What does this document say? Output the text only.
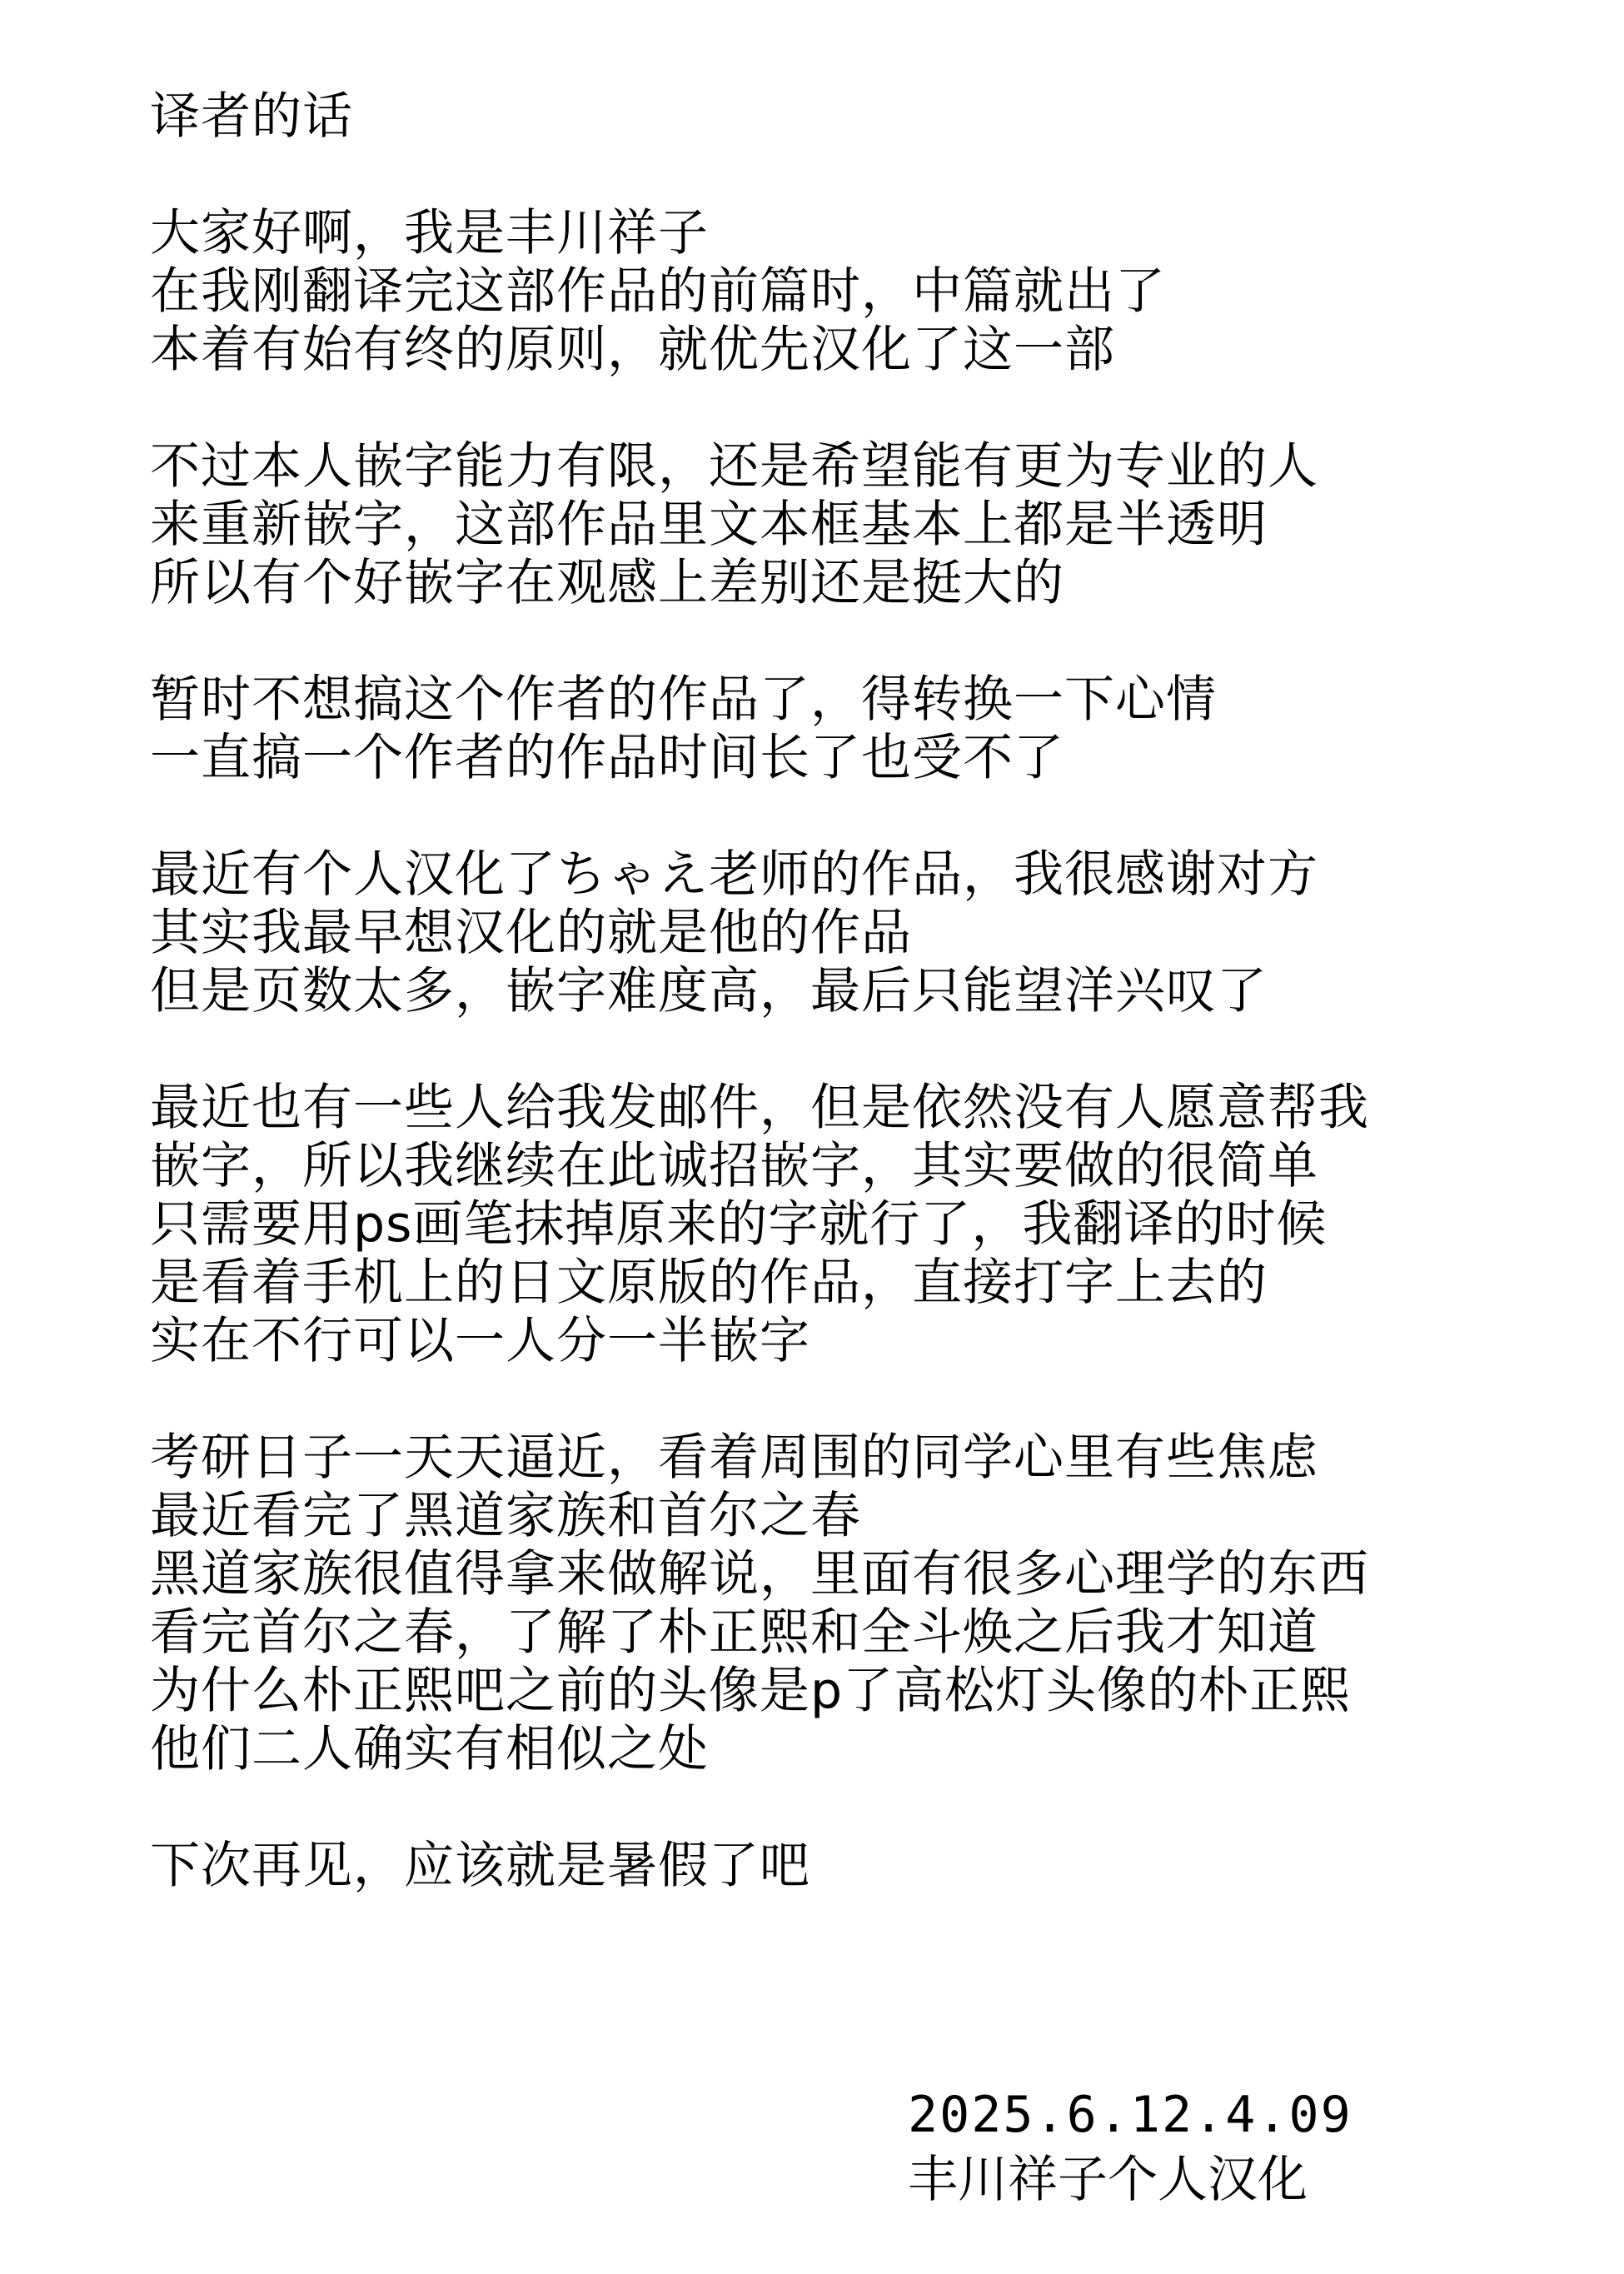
译者的话
大家好啊，我是丰川祥子
在我刚翻译完这部作品的前篇时，中篇就出了
本着有始有终的原则，就优先汉化了这一部
不过本人嵌字能力有限，还是希望能有更为专业的人
来重新嵌字，这部作品里文本框基本上都是半透明
所以有个好嵌字在观感上差别还是挺大的
暂时不想搞这个作者的作品了，得转换一下心情
一直搞一个作者的作品时间长了也受不了
最近有个人汉化了ちゃえ老师的作品，我很感谢对方
其实我最早想汉化的就是他的作品
但是页数太多，嵌字难度高，最后只能望洋兴叹了
最近也有一些人给我发邮件，但是依然没有人愿意帮我
嵌字，所以我继续在此诚招嵌字，其实要做的很简单
只需要用ps画笔抹掉原来的字就行了，我翻译的时候
是看着手机上的日文原版的作品，直接打字上去的
实在不行可以一人分一半嵌字
考研日子一天天逼近，看着周围的同学心里有些焦虑
最近看完了黑道家族和首尔之春
黑道家族很值得拿来做解说，里面有很多心理学的东西
看完首尔之春，了解了朴正熙和全斗焕之后我才知道
为什么朴正熙吧之前的头像是p了高松灯头像的朴正熙
他们二人确实有相似之处
下次再见，应该就是暑假了吧
2025.6.12.4.09
丰川祥子个人汉化
